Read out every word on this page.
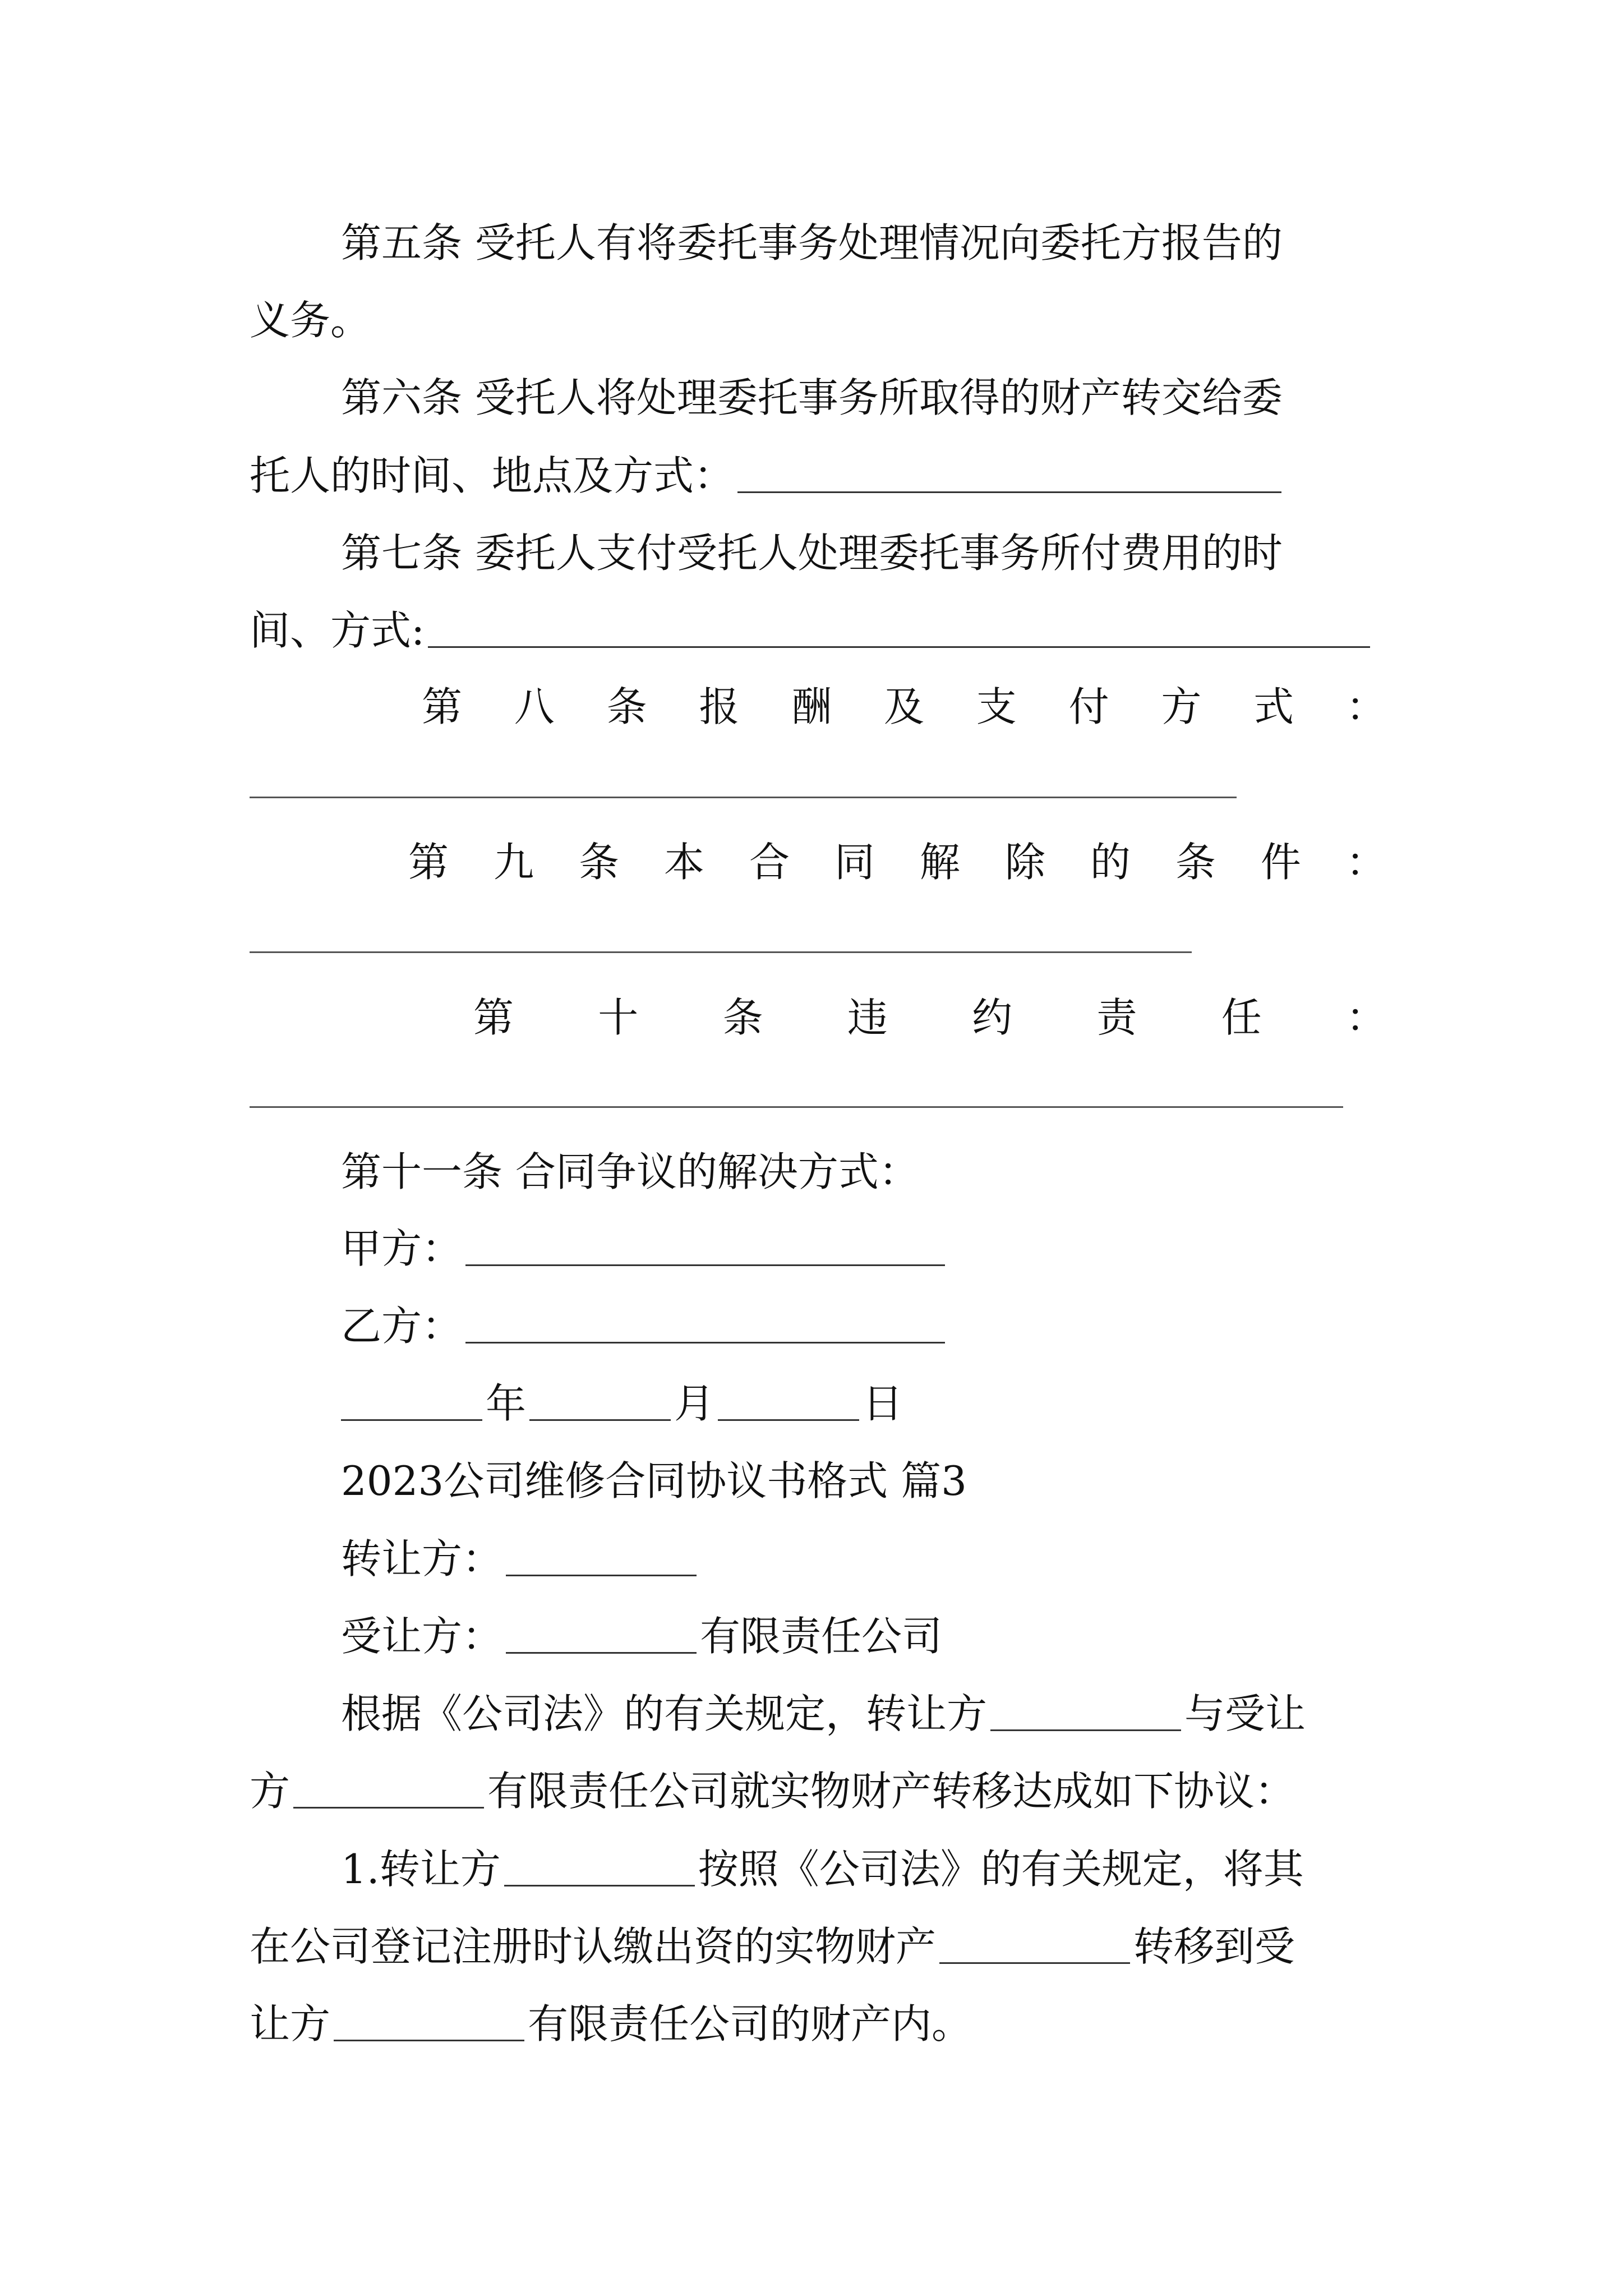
第五条 受托人有将委托事务处理情况向委托方报告的
义务。
第六条 受托人将处理委托事务所取得的财产转交给委
托人的时间、地点及方式：
第七条 委托人支付受托人处理委托事务所付费用的时
间、方式:
第 八 条 报 酬 及 支 付 方 式 ：
第 九 条 本 合 同 解 除 的 条 件 ：
第 十 条 违 约 责 任 ：
第十一条 合同争议的解决方式：
甲方：
乙方：
年	月	日
2023公司维修合同协议书格式 篇3
转让方：
受让方：	有限责任公司
根据《公司法》的有关规定，转让方	与受让
方	有限责任公司就实物财产转移达成如下协议：
1.转让方	按照《公司法》的有关规定，将其
在公司登记注册时认缴出资的实物财产	转移到受
让方	有限责任公司的财产内。
